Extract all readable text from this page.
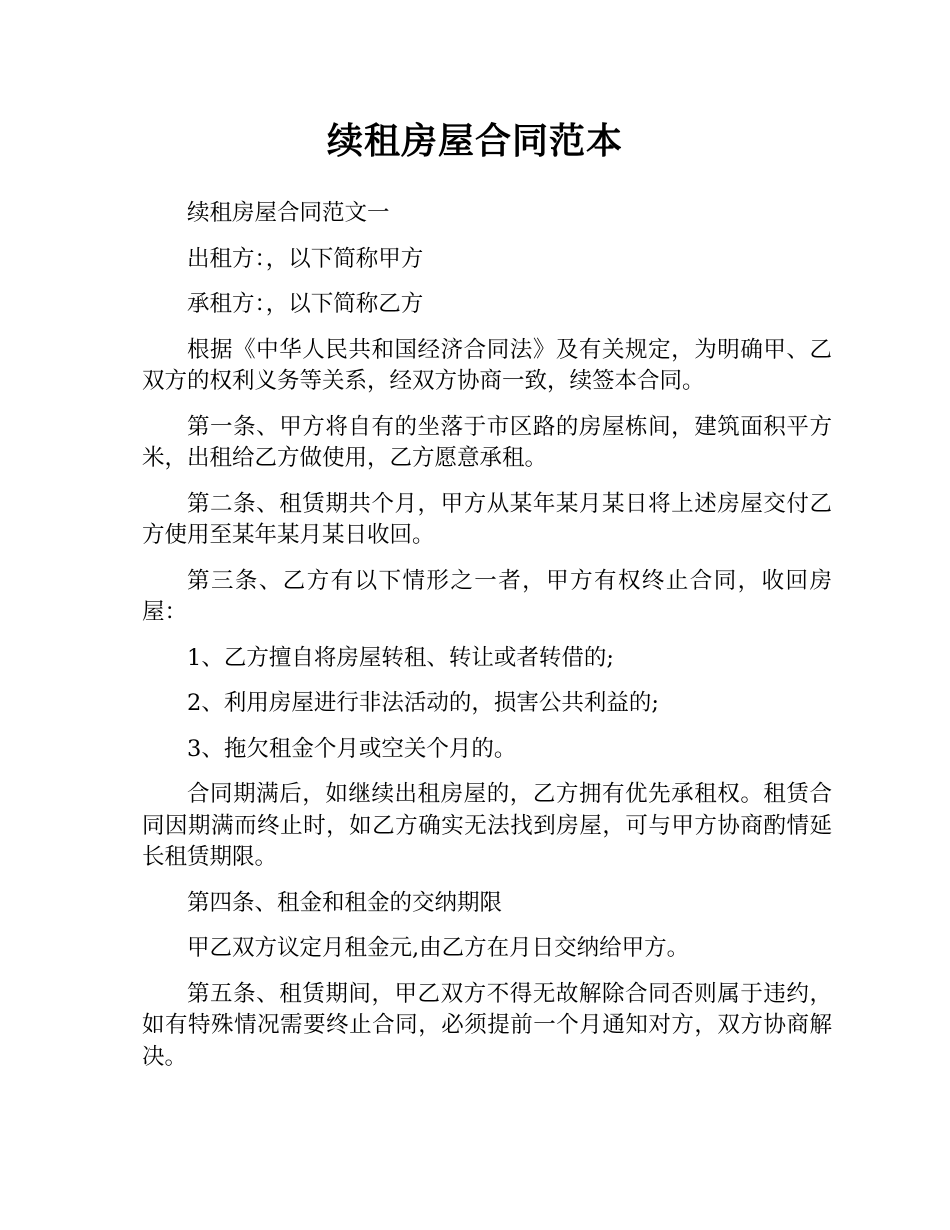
续租房屋合同范本

续租房屋合同范文一

出租方：，以下简称甲方

承租方：，以下简称乙方

根据《中华人民共和国经济合同法》及有关规定，为明确甲、乙双方的权利义务等关系，经双方协商一致，续签本合同。

第一条、甲方将自有的坐落于市区路的房屋栋间，建筑面积平方米，出租给乙方做使用，乙方愿意承租。

第二条、租赁期共个月，甲方从某年某月某日将上述房屋交付乙方使用至某年某月某日收回。

第三条、乙方有以下情形之一者，甲方有权终止合同，收回房屋：

1、乙方擅自将房屋转租、转让或者转借的;

2、利用房屋进行非法活动的，损害公共利益的;

3、拖欠租金个月或空关个月的。

合同期满后，如继续出租房屋的，乙方拥有优先承租权。租赁合同因期满而终止时，如乙方确实无法找到房屋，可与甲方协商酌情延长租赁期限。

第四条、租金和租金的交纳期限

甲乙双方议定月租金元,由乙方在月日交纳给甲方。

第五条、租赁期间，甲乙双方不得无故解除合同否则属于违约，如有特殊情况需要终止合同，必须提前一个月通知对方，双方协商解决。
